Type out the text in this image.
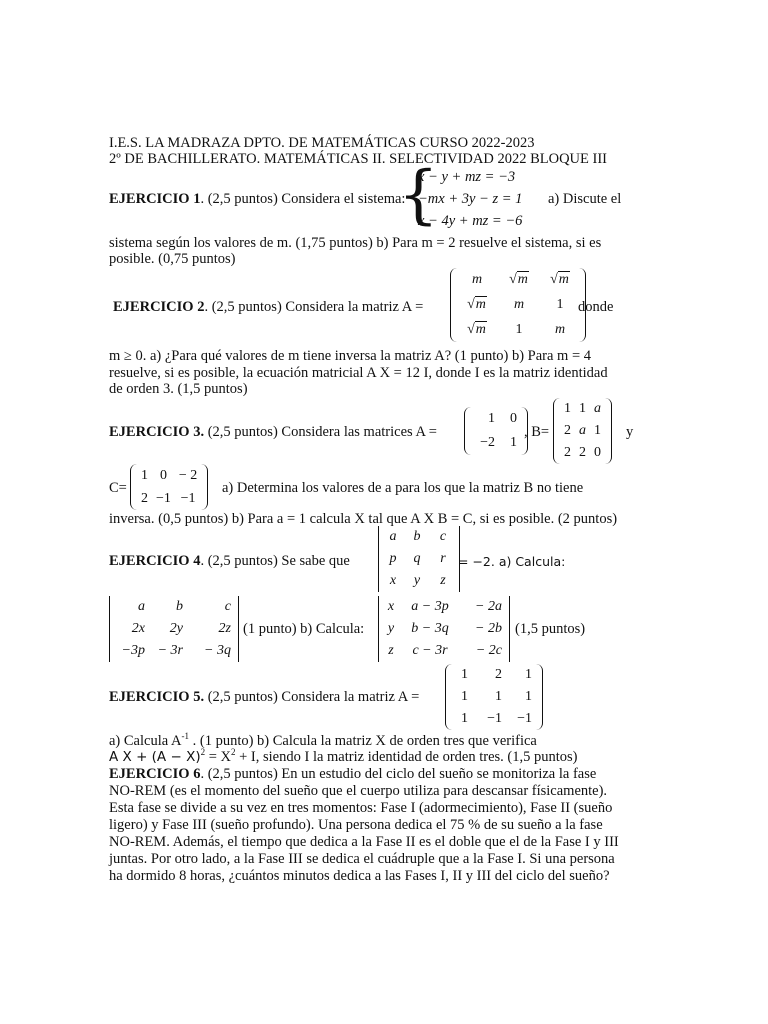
I.E.S. LA MADRAZA DPTO. DE MATEMÁTICAS CURSO 2022-2023
2º DE BACHILLERATO. MATEMÁTICAS II. SELECTIVIDAD 2022 BLOQUE III
EJERCICIO 1. (2,5 puntos) Considera el sistema:
{
x − y + mz = −3
−mx + 3y − z = 1
x − 4y + mz = −6
a) Discute el
sistema según los valores de m. (1,75 puntos) b) Para m = 2 resuelve el sistema, si es
posible. (0,75 puntos)
EJERCICIO 2. (2,5 puntos) Considera la matriz A =
m	√m	√m
√m	m	1
√m	1	m
donde
m ≥ 0. a) ¿Para qué valores de m tiene inversa la matriz A? (1 punto) b) Para m = 4
resuelve, si es posible, la ecuación matricial A X = 12 I, donde I es la matriz identidad
de orden 3. (1,5 puntos)
EJERCICIO 3. (2,5 puntos) Considera las matrices A =
1	0
−2	1
, B=
1	1	a
2	a	1
2	2	0
y
C=
1	0	− 2
2	−1	−1
a) Determina los valores de a para los que la matriz B no tiene
inversa. (0,5 puntos) b) Para a = 1 calcula X tal que A X B = C, si es posible. (2 puntos)
EJERCICIO 4. (2,5 puntos) Se sabe que
a	b	c
p	q	r
x	y	z
= −2. a) Calcula:
a	b	c
2x	2y	2z
−3p	− 3r	− 3q
(1 punto) b) Calcula:
x	a − 3p	− 2a
y	b − 3q	− 2b
z	c − 3r	− 2c
(1,5 puntos)
EJERCICIO 5. (2,5 puntos) Considera la matriz A =
1	2	1
1	1	1
1	−1	−1
a) Calcula $A^{-1}$ . (1 punto) b) Calcula la matriz X de orden tres que verifica
A $X + (A - X)^2 = X^2 + I$, siendo I la matriz identidad de orden tres. (1,5 puntos)
EJERCICIO 6. (2,5 puntos) En un estudio del ciclo del sueño se monitoriza la fase
NO-REM (es el momento del sueño que el cuerpo utiliza para descansar físicamente).
Esta fase se divide a su vez en tres momentos: Fase I (adormecimiento), Fase II (sueño
ligero) y Fase III (sueño profundo). Una persona dedica el 75 % de su sueño a la fase
NO-REM. Además, el tiempo que dedica a la Fase II es el doble que el de la Fase I y III
juntas. Por otro lado, a la Fase III se dedica el cuádruple que a la Fase I. Si una persona
ha dormido 8 horas, ¿cuántos minutos dedica a las Fases I, II y III del ciclo del sueño?
